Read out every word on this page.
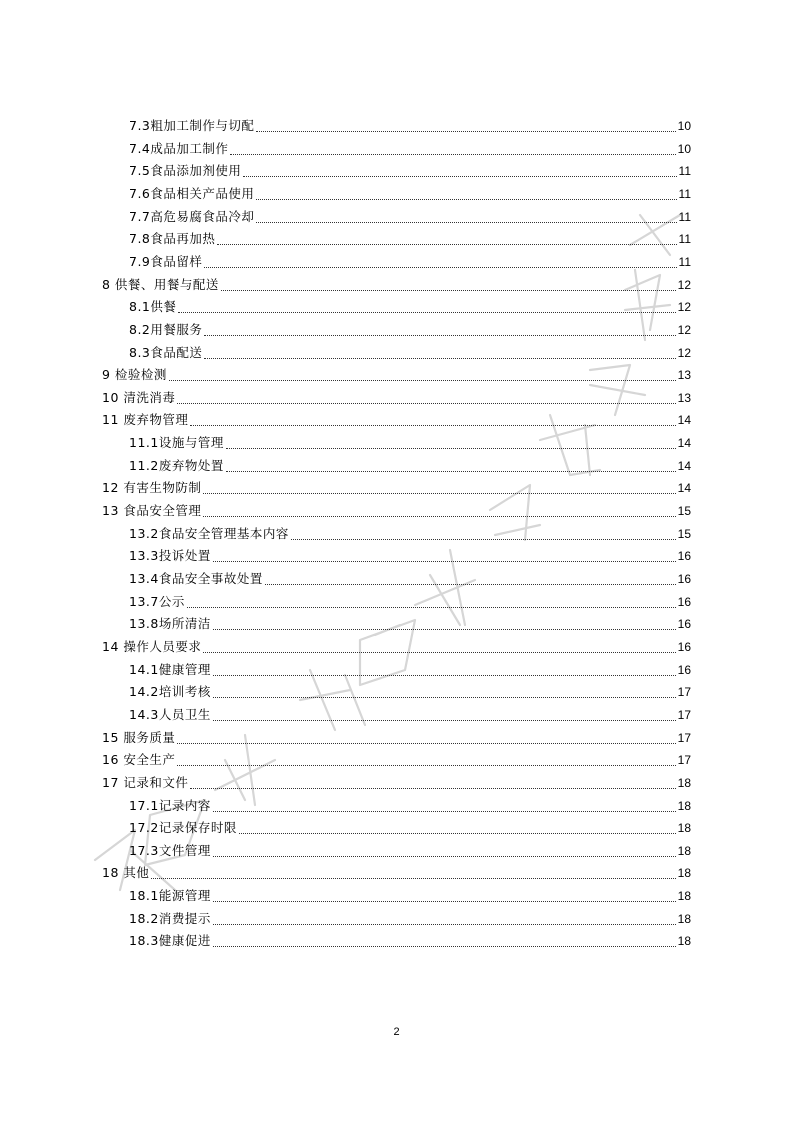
7.3粗加工制作与切配	10
7.4成品加工制作	10
7.5食品添加剂使用	11
7.6食品相关产品使用	11
7.7高危易腐食品冷却	11
7.8食品再加热	11
7.9食品留样	11
8 供餐、用餐与配送	12
8.1供餐	12
8.2用餐服务	12
8.3食品配送	12
9 检验检测	13
10 清洗消毒	13
11 废弃物管理	14
11.1设施与管理	14
11.2废弃物处置	14
12 有害生物防制	14
13 食品安全管理	15
13.2食品安全管理基本内容	15
13.3投诉处置	16
13.4食品安全事故处置	16
13.7公示	16
13.8场所清洁	16
14 操作人员要求	16
14.1健康管理	16
14.2培训考核	17
14.3人员卫生	17
15 服务质量	17
16 安全生产	17
17 记录和文件	18
17.1记录内容	18
17.2记录保存时限	18
17.3文件管理	18
18 其他	18
18.1能源管理	18
18.2消费提示	18
18.3健康促进	18
2
